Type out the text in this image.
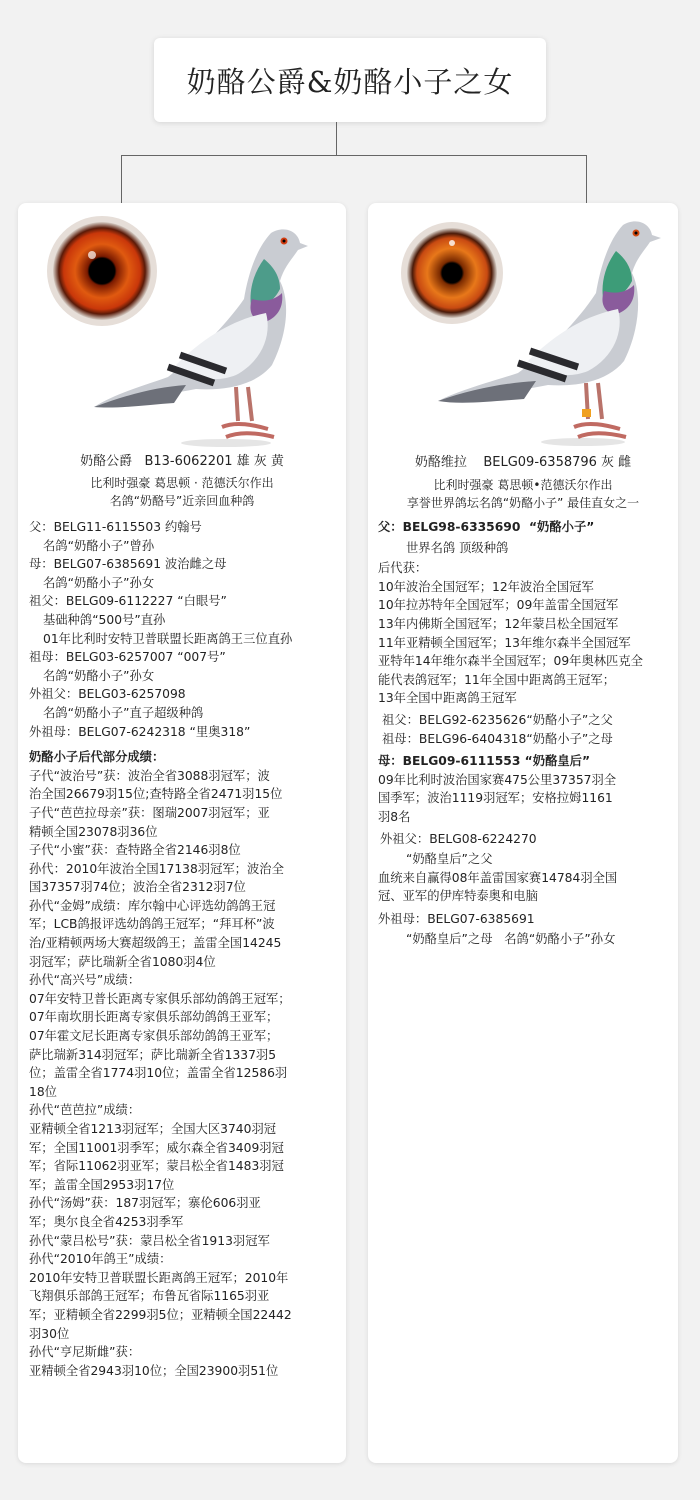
奶酪公爵&奶酪小子之女
奶酪公爵   B13-6062201 雄 灰 黄
比利时强豪 葛思顿 · 范德沃尔作出
名鸽“奶酪号”近亲回血种鸽
父：BELG11-6115503 约翰号
名鸽“奶酪小子”曾孙
母：BELG07-6385691 波治雌之母
名鸽“奶酪小子”孙女
祖父：BELG09-6112227 “白眼号”
基础种鸽“500号”直孙
01年比利时安特卫普联盟长距离鸽王三位直孙
祖母：BELG03-6257007 “007号”
名鸽“奶酪小子”孙女
外祖父：BELG03-6257098
名鸽“奶酪小子”直子超级种鸽
外祖母：BELG07-6242318 “里奥318”
奶酪小子后代部分成绩：
子代“波治号”获：波治全省3088羽冠军；波
治全国26679羽15位;查特路全省2471羽15位
子代“芭芭拉母亲”获：图瑞2007羽冠军；亚
精顿全国23078羽36位
子代“小蜜”获：查特路全省2146羽8位
孙代：2010年波治全国17138羽冠军；波治全
国37357羽74位；波治全省2312羽7位
孙代“金姆”成绩：库尔翰中心评选幼鸽鸽王冠
军；LCB鸽报评选幼鸽鸽王冠军；“拜耳杯”波
治/亚精顿两场大赛超级鸽王；盖雷全国14245
羽冠军；萨比瑞新全省1080羽4位
孙代“高兴号”成绩：
07年安特卫普长距离专家俱乐部幼鸽鸽王冠军；
07年南坎朋长距离专家俱乐部幼鸽鸽王亚军；
07年霍文尼长距离专家俱乐部幼鸽鸽王亚军；
萨比瑞新314羽冠军；萨比瑞新全省1337羽5
位；盖雷全省1774羽10位；盖雷全省12586羽
18位
孙代“芭芭拉”成绩：
亚精顿全省1213羽冠军；全国大区3740羽冠
军；全国11001羽季军；威尔森全省3409羽冠
军；省际11062羽亚军；蒙吕松全省1483羽冠
军；盖雷全国2953羽17位
孙代“汤姆”获：187羽冠军；寨伦606羽亚
军；奥尔良全省4253羽季军
孙代“蒙吕松号”获：蒙吕松全省1913羽冠军
孙代“2010年鸽王”成绩：
2010年安特卫普联盟长距离鸽王冠军；2010年
飞翔俱乐部鸽王冠军；布鲁瓦省际1165羽亚
军；亚精顿全省2299羽5位；亚精顿全国22442
羽30位
孙代“亨尼斯雌”获：
亚精顿全省2943羽10位；全国23900羽51位
奶酪维拉    BELG09-6358796 灰 雌
比利时强豪 葛思顿•范德沃尔作出
享誉世界鸽坛名鸽“奶酪小子” 最佳直女之一
父：BELG98-6335690  “奶酪小子”
世界名鸽 顶级种鸽
后代获：
10年波治全国冠军；12年波治全国冠军
10年拉苏特年全国冠军；09年盖雷全国冠军
13年内佛斯全国冠军；12年蒙吕松全国冠军
11年亚精顿全国冠军；13年维尔森半全国冠军
亚特年14年维尔森半全国冠军；09年奥林匹克全
能代表鸽冠军；11年全国中距离鸽王冠军；
13年全国中距离鸽王冠军
祖父：BELG92-6235626“奶酪小子”之父
祖母：BELG96-6404318“奶酪小子”之母
母：BELG09-6111553 “奶酪皇后”
09年比利时波治国家赛475公里37357羽全
国季军；波治1119羽冠军；安格拉姆1161
羽8名
外祖父：BELG08-6224270
“奶酪皇后”之父
血统来自赢得08年盖雷国家赛14784羽全国
冠、亚军的伊库特泰奥和电脑
外祖母：BELG07-6385691
“奶酪皇后”之母   名鸽“奶酪小子”孙女
